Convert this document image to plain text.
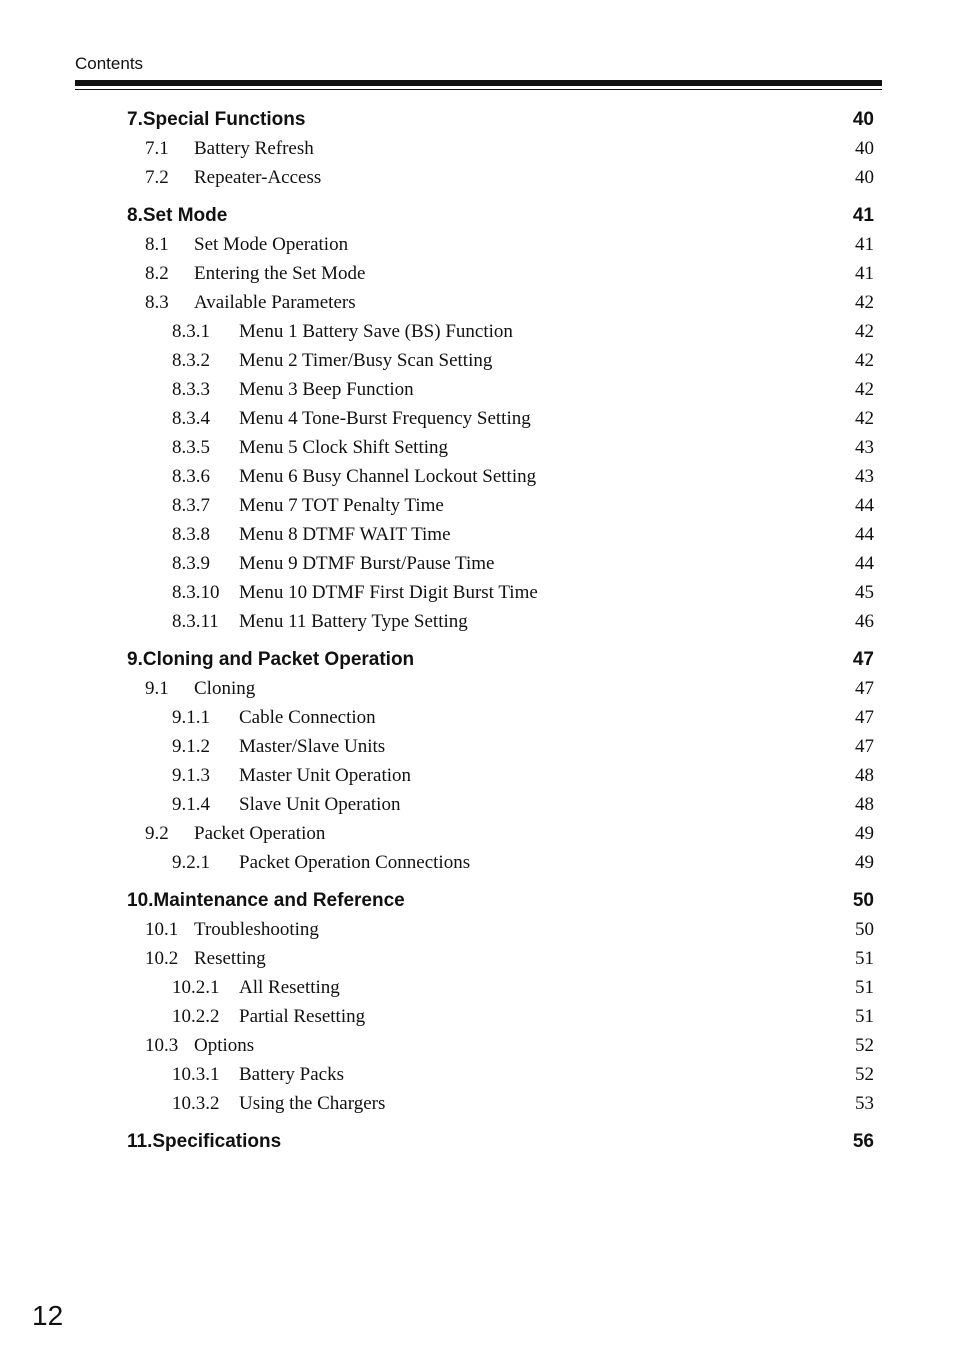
Contents
7.Special Functions	40
7.1	Battery Refresh	40
7.2	Repeater-Access	40
8.Set Mode	41
8.1	Set Mode Operation	41
8.2	Entering the Set Mode	41
8.3	Available Parameters	42
8.3.1	Menu 1 Battery Save (BS) Function	42
8.3.2	Menu 2 Timer/Busy Scan Setting	42
8.3.3	Menu 3 Beep Function	42
8.3.4	Menu 4 Tone-Burst Frequency Setting	42
8.3.5	Menu 5 Clock Shift Setting	43
8.3.6	Menu 6 Busy Channel Lockout Setting	43
8.3.7	Menu 7 TOT Penalty Time	44
8.3.8	Menu 8 DTMF WAIT Time	44
8.3.9	Menu 9 DTMF Burst/Pause Time	44
8.3.10	Menu 10 DTMF First Digit Burst Time	45
8.3.11	Menu 11 Battery Type Setting	46
9.Cloning and Packet Operation	47
9.1	Cloning	47
9.1.1	Cable Connection	47
9.1.2	Master/Slave Units	47
9.1.3	Master Unit Operation	48
9.1.4	Slave Unit Operation	48
9.2	Packet Operation	49
9.2.1	Packet Operation Connections	49
10.Maintenance and Reference	50
10.1 Troubleshooting	50
10.2 Resetting	51
10.2.1	All Resetting	51
10.2.2	Partial Resetting	51
10.3 Options	52
10.3.1	Battery Packs	52
10.3.2	Using the Chargers	53
11.Specifications	56
12
